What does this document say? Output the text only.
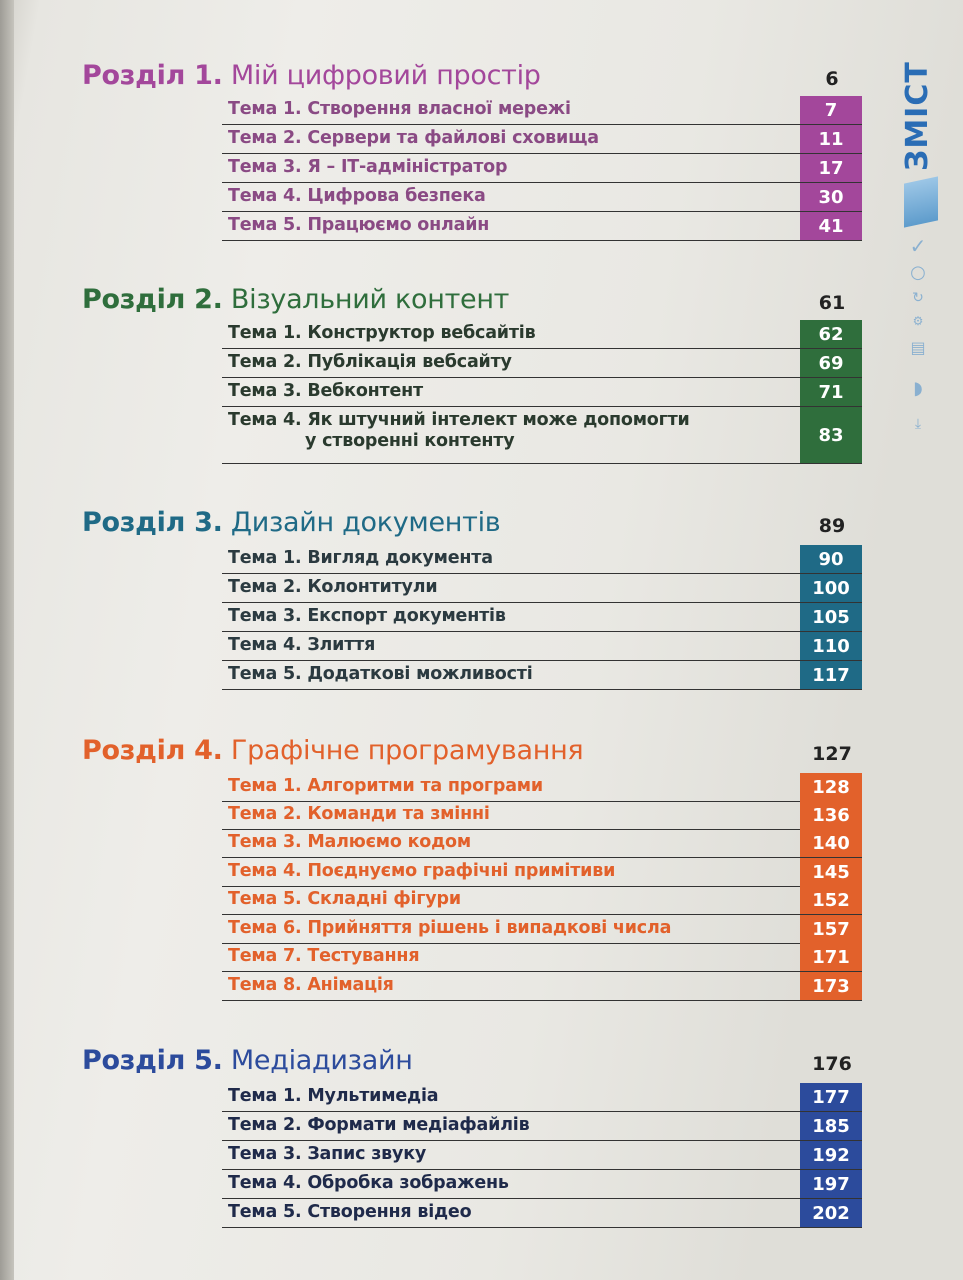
ЗМІСТ
✓
○
↻
⚙
▤
◗
⤓
Розділ 1. Мій цифровий простір	6
Тема 1. Створення власної мережі	7
Тема 2. Сервери та файлові сховища	11
Тема 3. Я – ІТ-адміністратор	17
Тема 4. Цифрова безпека	30
Тема 5. Працюємо онлайн	41
Розділ 2. Візуальний контент	61
Тема 1. Конструктор вебсайтів	62
Тема 2. Публікація вебсайту	69
Тема 3. Вебконтент	71
Тема 4. Як штучний інтелект може допомогти
у створенні контенту	83
Розділ 3. Дизайн документів	89
Тема 1. Вигляд документа	90
Тема 2. Колонтитули	100
Тема 3. Експорт документів	105
Тема 4. Злиття	110
Тема 5. Додаткові можливості	117
Розділ 4. Графічне програмування	127
Тема 1. Алгоритми та програми	128
Тема 2. Команди та змінні	136
Тема 3. Малюємо кодом	140
Тема 4. Поєднуємо графічні примітиви	145
Тема 5. Складні фігури	152
Тема 6. Прийняття рішень і випадкові числа	157
Тема 7. Тестування	171
Тема 8. Анімація	173
Розділ 5. Медіадизайн	176
Тема 1. Мультимедіа	177
Тема 2. Формати медіафайлів	185
Тема 3. Запис звуку	192
Тема 4. Обробка зображень	197
Тема 5. Створення відео	202
